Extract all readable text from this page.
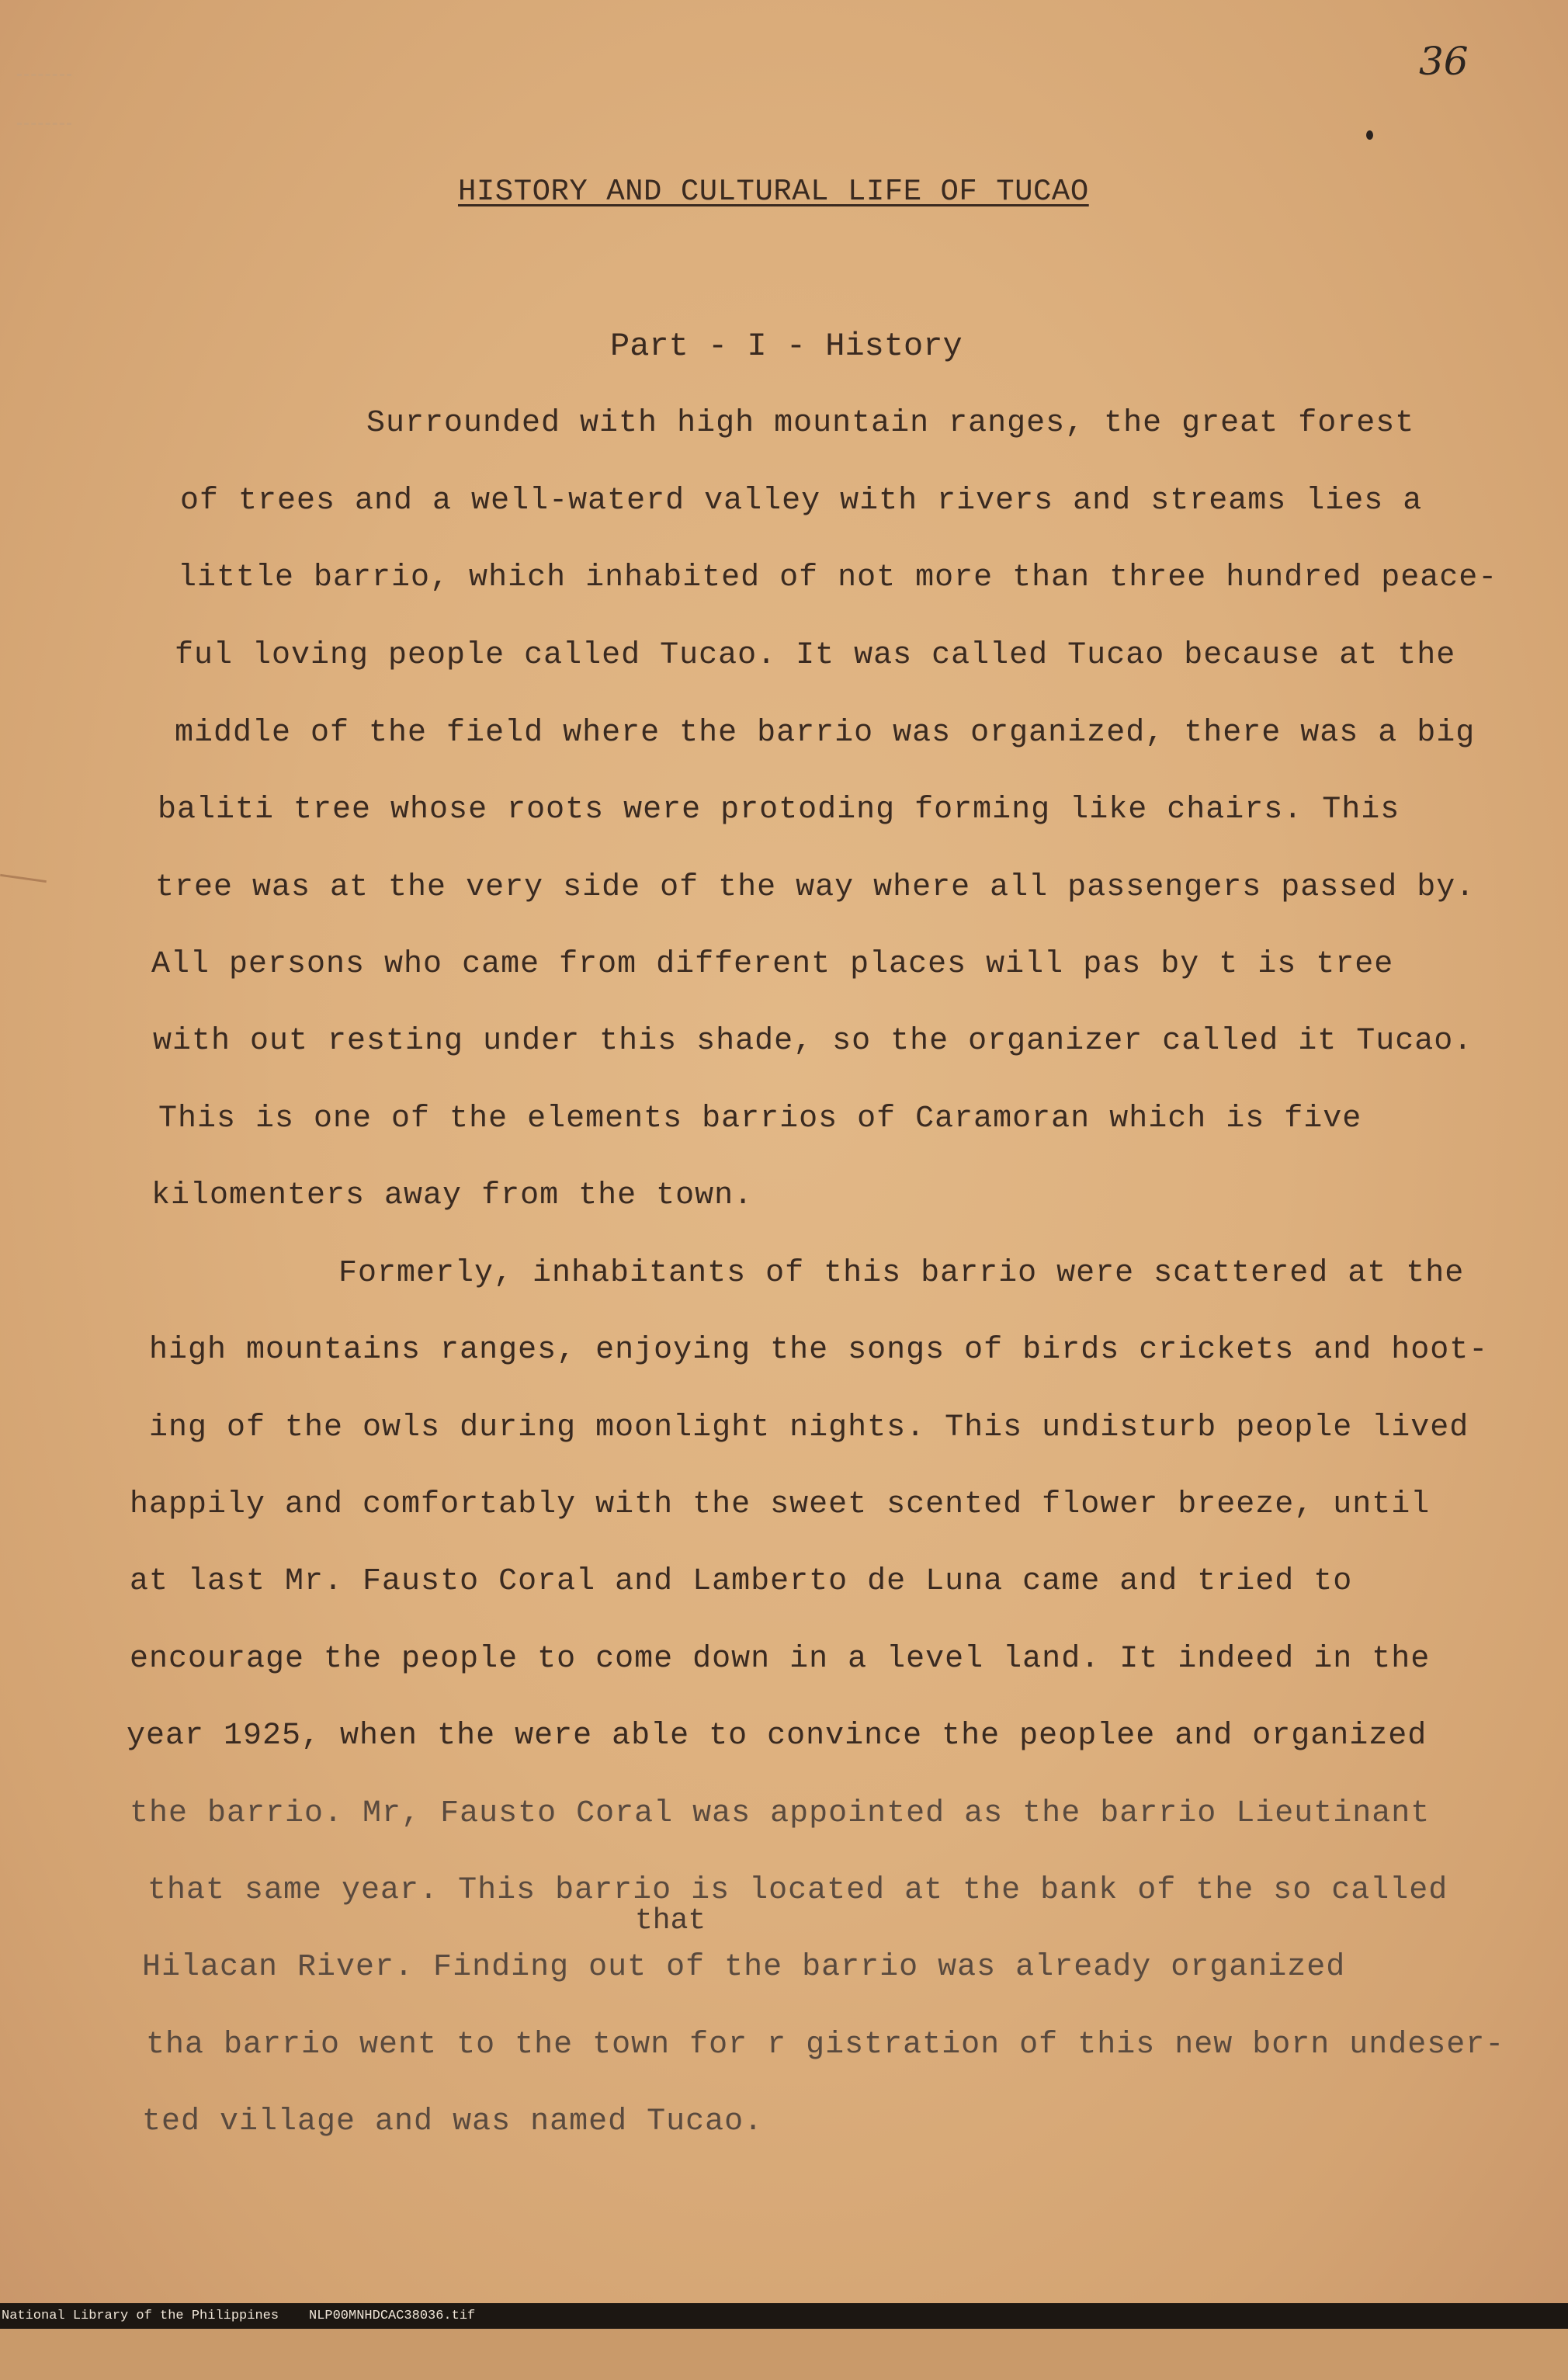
36
HISTORY AND CULTURAL LIFE OF TUCAO
Part - I - History
Surrounded with high mountain ranges, the great forest
of trees and a well-waterd valley with rivers and streams lies a
little barrio, which inhabited of not more than three hundred peace-
ful loving people called Tucao. It was called Tucao because at the
middle of the field where the barrio was organized, there was a big
baliti tree whose roots were protoding forming like chairs. This
tree was at the very side of the way where all passengers passed by.
All persons who came from different places will pas by t is tree
with out resting under this shade, so the organizer called it Tucao.
This is one of the elements barrios of Caramoran which is five
kilomenters away from the town.
Formerly, inhabitants of this barrio were scattered at the
high mountains ranges, enjoying the songs of birds crickets and hoot-
ing of the owls during moonlight nights. This undisturb people lived
happily and comfortably with the sweet scented flower breeze, until
at last Mr. Fausto Coral and Lamberto de Luna came and tried to
encourage the people to come down in a level land. It indeed in the
year 1925, when the were able to convince the peoplee and organized
the barrio. Mr, Fausto Coral was appointed as the barrio Lieutinant
that same year. This barrio is located at the bank of the so called
that
Hilacan River. Finding out of the barrio was already organized
tha barrio went to the town for r gistration of this new born undeser-
ted village and was named Tucao.

National Library of the Philippines

NLP00MNHDCAC38036.tif
